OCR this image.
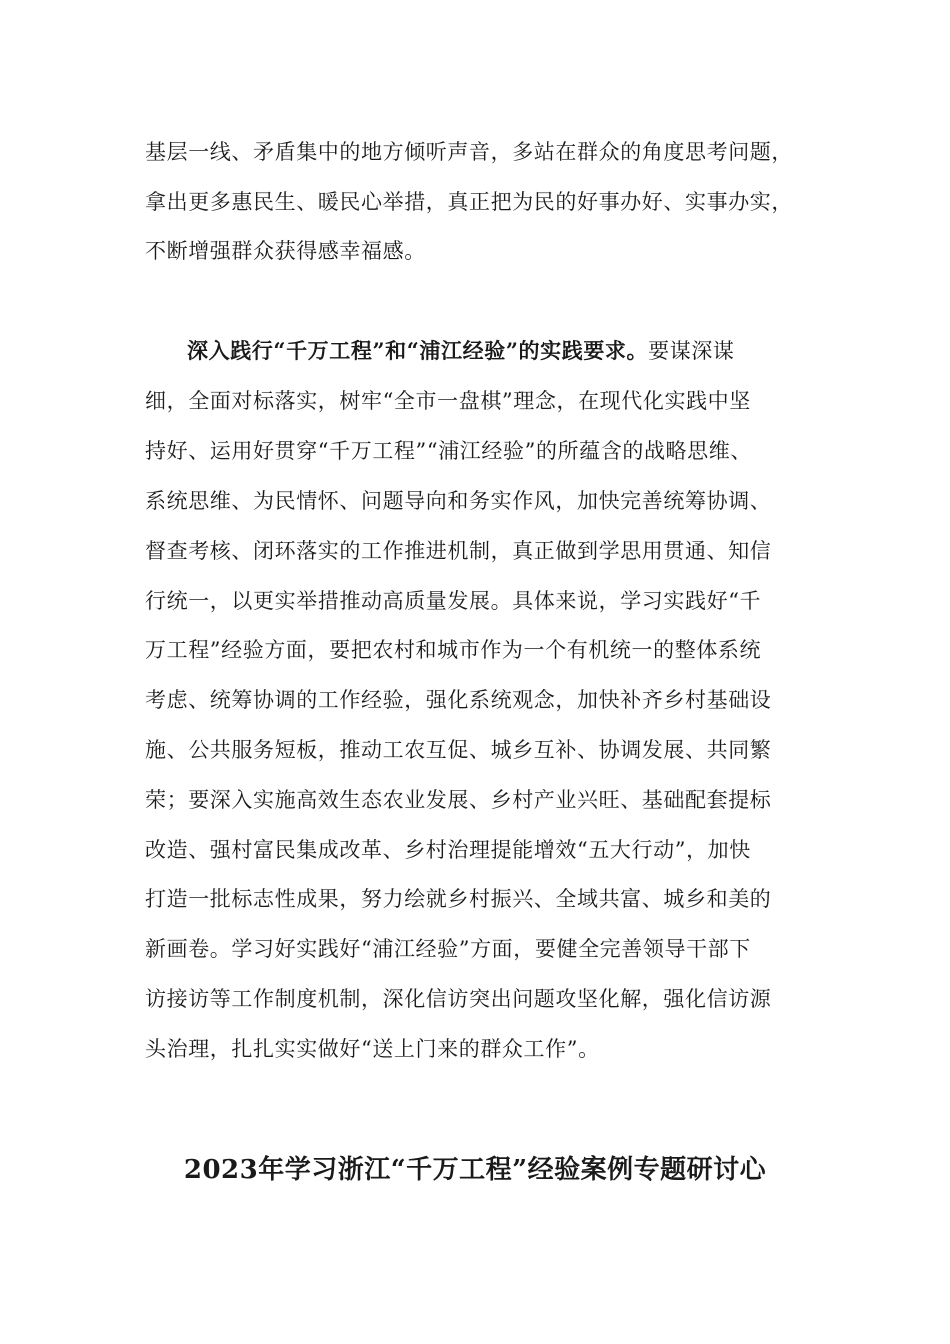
基层一线、矛盾集中的地方倾听声音，多站在群众的角度思考问题，
拿出更多惠民生、暖民心举措，真正把为民的好事办好、实事办实，
不断增强群众获得感幸福感。
深入践行“千万工程”和“浦江经验”的实践要求。要谋深谋
细，全面对标落实，树牢“全市一盘棋”理念，在现代化实践中坚
持好、运用好贯穿“千万工程”“浦江经验”的所蕴含的战略思维、
系统思维、为民情怀、问题导向和务实作风，加快完善统筹协调、
督查考核、闭环落实的工作推进机制，真正做到学思用贯通、知信
行统一，以更实举措推动高质量发展。具体来说，学习实践好“千
万工程”经验方面，要把农村和城市作为一个有机统一的整体系统
考虑、统筹协调的工作经验，强化系统观念，加快补齐乡村基础设
施、公共服务短板，推动工农互促、城乡互补、协调发展、共同繁
荣；要深入实施高效生态农业发展、乡村产业兴旺、基础配套提标
改造、强村富民集成改革、乡村治理提能增效“五大行动”，加快
打造一批标志性成果，努力绘就乡村振兴、全域共富、城乡和美的
新画卷。学习好实践好“浦江经验”方面，要健全完善领导干部下
访接访等工作制度机制，深化信访突出问题攻坚化解，强化信访源
头治理，扎扎实实做好“送上门来的群众工作”。
2023年学习浙江“千万工程”经验案例专题研讨心
